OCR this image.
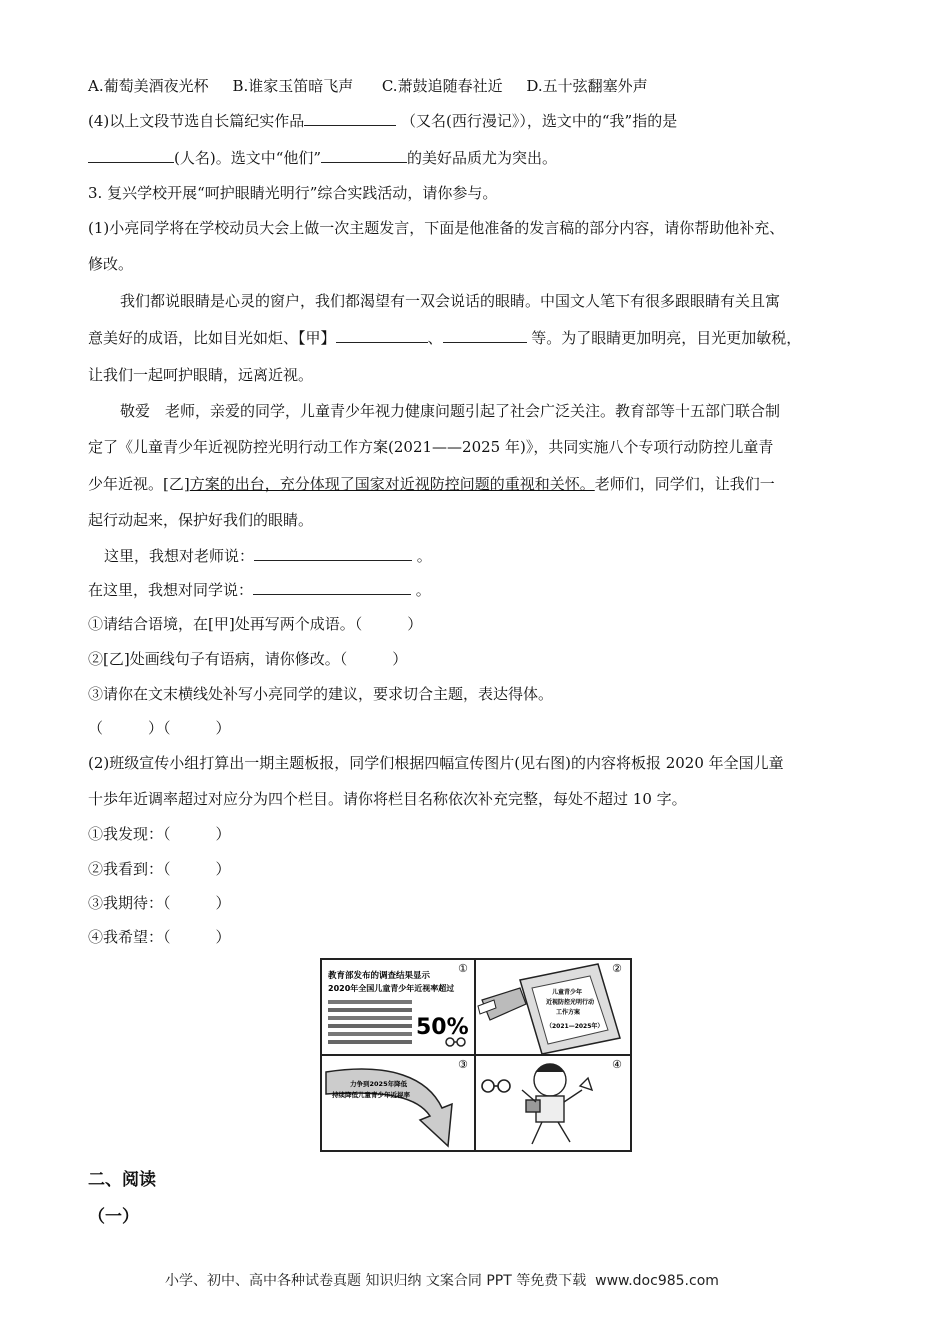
A.葡萄美酒夜光杯 B.谁家玉笛暗飞声 C.萧鼓追随春社近 D.五十弦翻塞外声
(4)以上文段节选自长篇纪实作品	（又名(西行漫记》），选文中的“我”指的是
(人名)。选文中“他们”	的美好品质尤为突出。
3. 复兴学校开展“呵护眼睛光明行”综合实践活动，请你参与。
(1)小亮同学将在学校动员大会上做一次主题发言，下面是他准备的发言稿的部分内容，请你帮助他补充、
修改。
我们都说眼睛是心灵的窗户，我们都渴望有一双会说话的眼睛。中国文人笔下有很多跟眼睛有关且寓
意美好的成语，比如目光如炬、【甲】	、	等。为了眼睛更加明亮，目光更加敏税，
让我们一起呵护眼睛，远离近视。
敬爱　老师，亲爱的同学，儿童青少年视力健康问题引起了社会广泛关注。教育部等十五部门联合制
定了《儿童青少年近视防控光明行动工作方案(2021——2025 年)》，共同实施八个专项行动防控儿童青
少年近视。[乙]方案的出台，充分体现了国家对近视防控问题的重视和关怀。老师们，同学们，让我们一
起行动起来，保护好我们的眼睛。
这里，我想对老师说：	。
在这里，我想对同学说：	。
①请结合语境，在[甲]处再写两个成语。（　　　）
②[乙]处画线句子有语病，请你修改。（　　　）
③请你在文末横线处补写小亮同学的建议，要求切合主题，表达得体。
（　　　）（　　　）
(2)班级宣传小组打算出一期主题板报，同学们根据四幅宣传图片(见右图)的内容将板报 2020 年全国儿童
十歩年近调率超过对应分为四个栏目。请你将栏目名称依次补充完整，每处不超过 10 字。
①我发现：（　　　）
②我看到：（　　　）
③我期待：（　　　）
④我希望：（　　　）
①
教育部发布的调查结果显示
2020年全国儿童青少年近视率超过
50%
②
儿童青少年
近视防控光明行动
工作方案
（2021—2025年）
③
力争到2025年降低
持续降低儿童青少年近视率
④
二、阅读
（一）
小学、初中、高中各种试卷真题 知识归纳 文案合同 PPT 等免费下载 www.doc985.com
